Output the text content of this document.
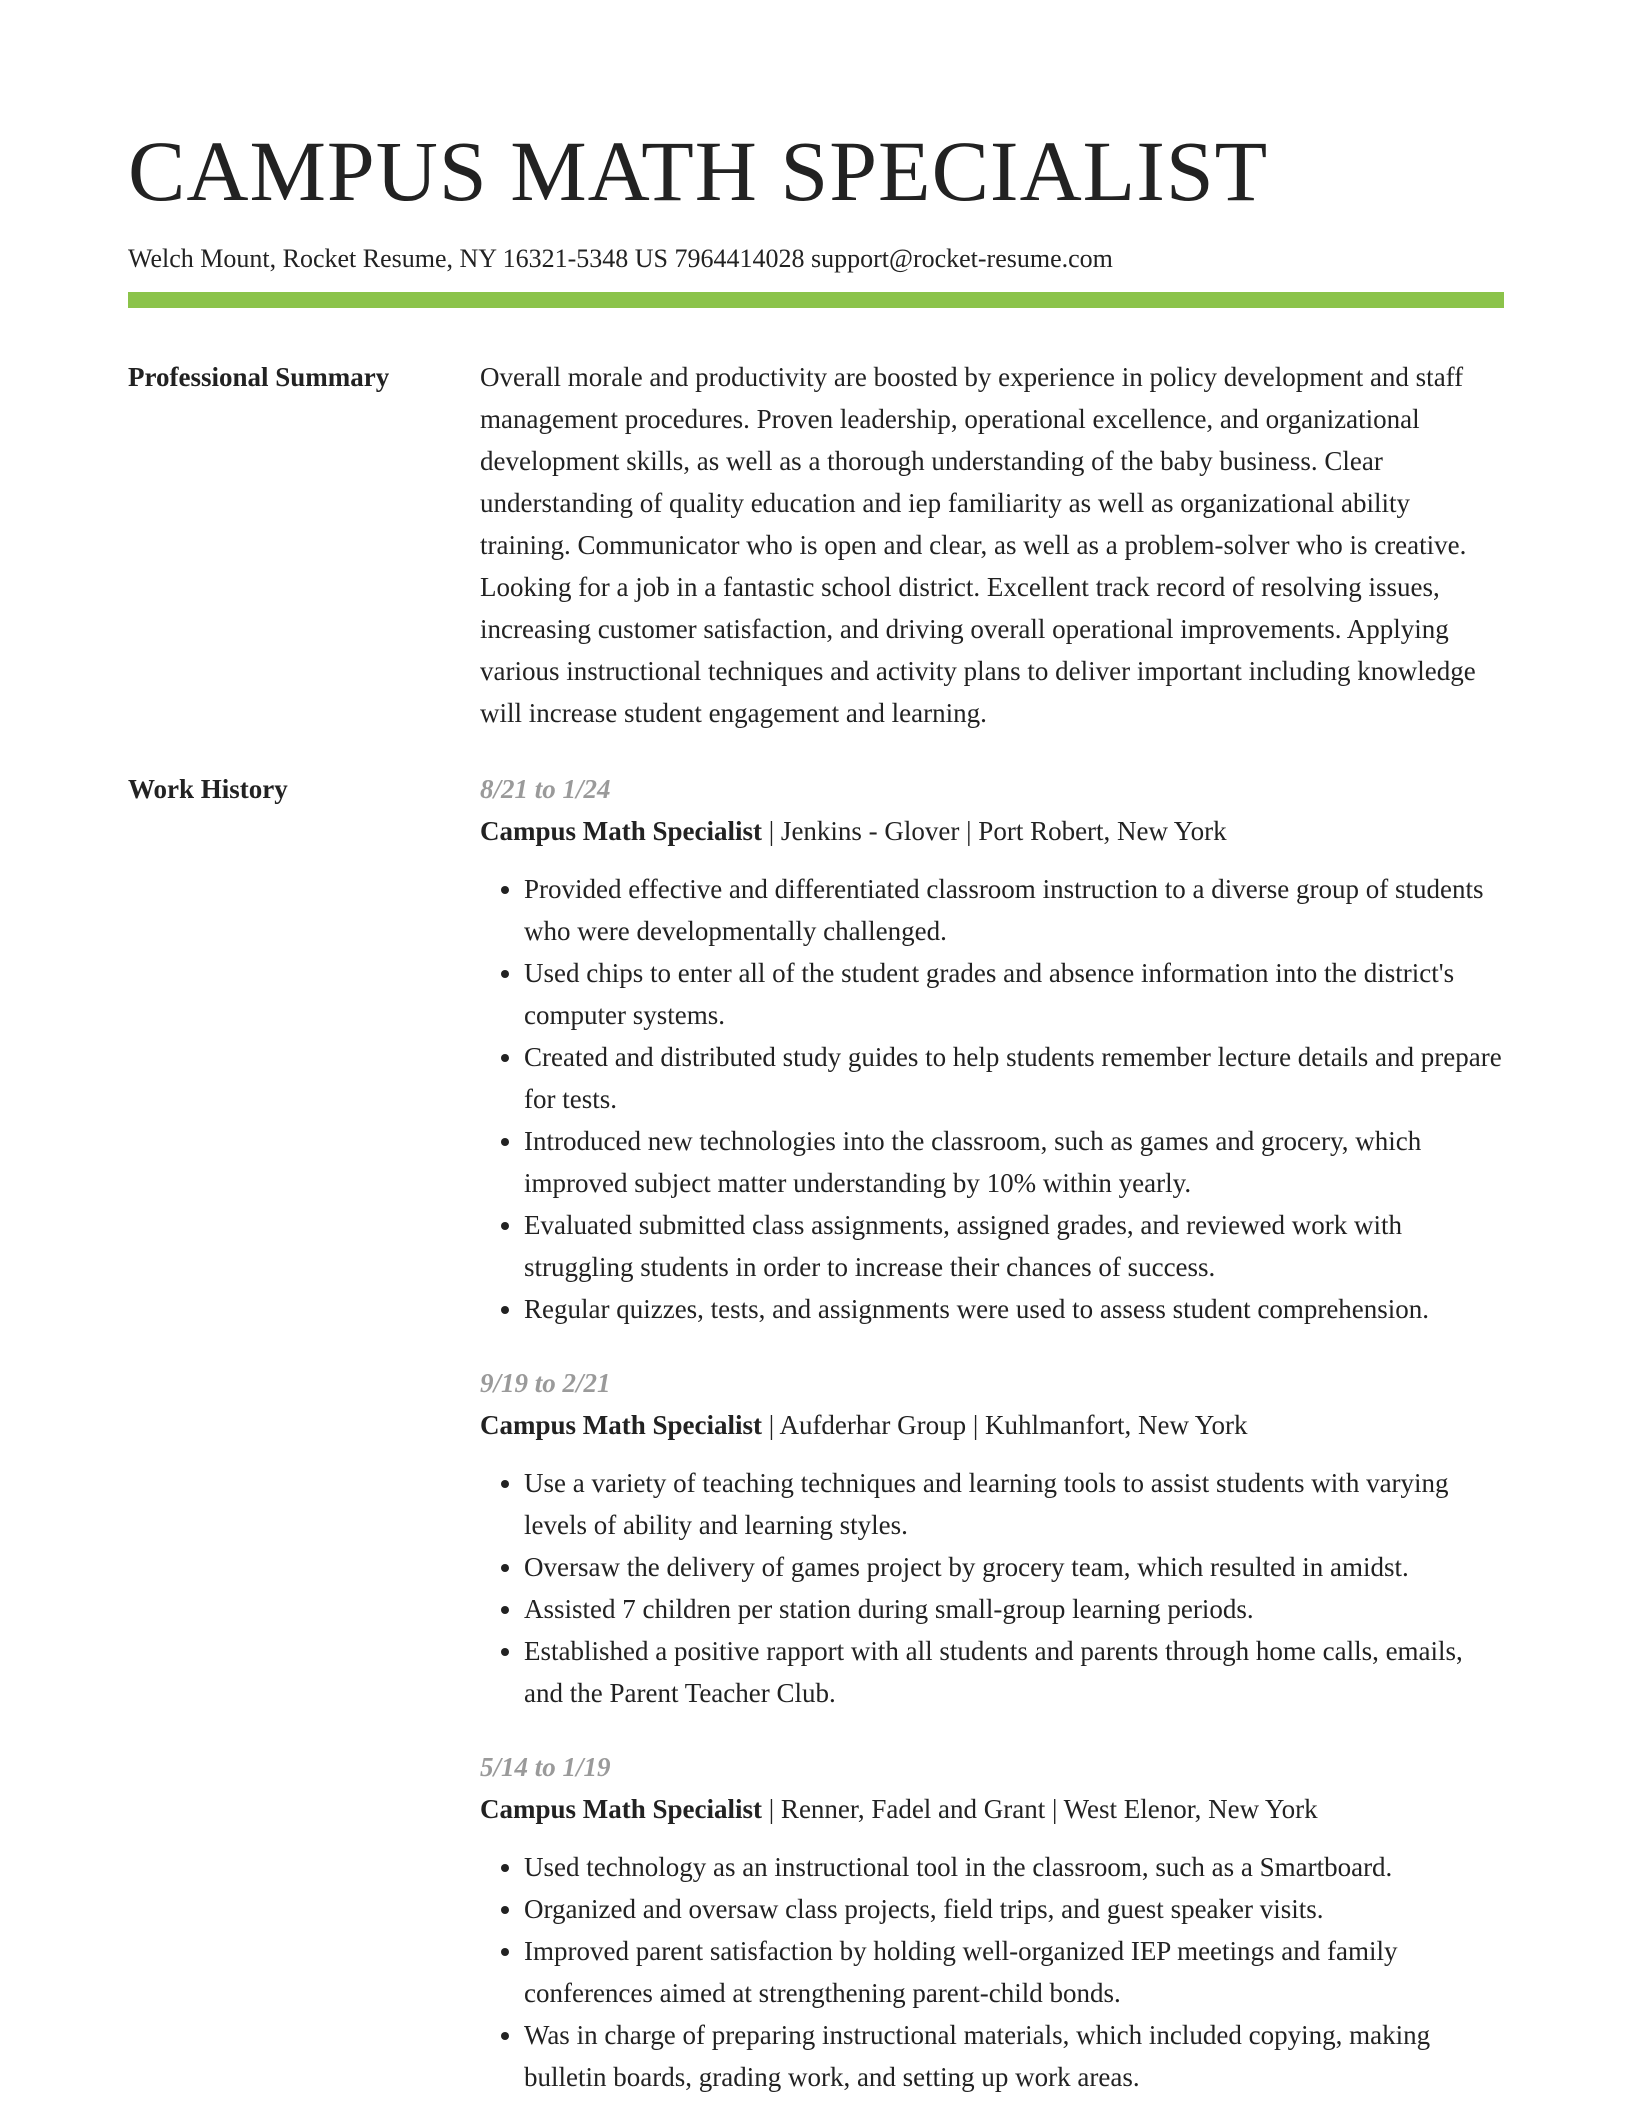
CAMPUS MATH SPECIALIST
Welch Mount, Rocket Resume, NY 16321-5348 US 7964414028 support@rocket-resume.com
Professional Summary	Overall morale and productivity are boosted by experience in policy development and staff management procedures. Proven leadership, operational excellence, and organizational development skills, as well as a thorough understanding of the baby business. Clear understanding of quality education and iep familiarity as well as organizational ability training. Communicator who is open and clear, as well as a problem-solver who is creative. Looking for a job in a fantastic school district. Excellent track record of resolving issues, increasing customer satisfaction, and driving overall operational improvements. Applying various instructional techniques and activity plans to deliver important including knowledge will increase student engagement and learning.

Work History	8/21 to 1/24
Campus Math Specialist | Jenkins - Glover | Port Robert, New York
• Provided effective and differentiated classroom instruction to a diverse group of students who were developmentally challenged.
• Used chips to enter all of the student grades and absence information into the district's computer systems.
• Created and distributed study guides to help students remember lecture details and prepare for tests.
• Introduced new technologies into the classroom, such as games and grocery, which improved subject matter understanding by 10% within yearly.
• Evaluated submitted class assignments, assigned grades, and reviewed work with struggling students in order to increase their chances of success.
• Regular quizzes, tests, and assignments were used to assess student comprehension.
9/19 to 2/21
Campus Math Specialist | Aufderhar Group | Kuhlmanfort, New York
• Use a variety of teaching techniques and learning tools to assist students with varying levels of ability and learning styles.
• Oversaw the delivery of games project by grocery team, which resulted in amidst.
• Assisted 7 children per station during small-group learning periods.
• Established a positive rapport with all students and parents through home calls, emails, and the Parent Teacher Club.
5/14 to 1/19
Campus Math Specialist | Renner, Fadel and Grant | West Elenor, New York
• Used technology as an instructional tool in the classroom, such as a Smartboard.
• Organized and oversaw class projects, field trips, and guest speaker visits.
• Improved parent satisfaction by holding well-organized IEP meetings and family conferences aimed at strengthening parent-child bonds.
• Was in charge of preparing instructional materials, which included copying, making bulletin boards, grading work, and setting up work areas.
